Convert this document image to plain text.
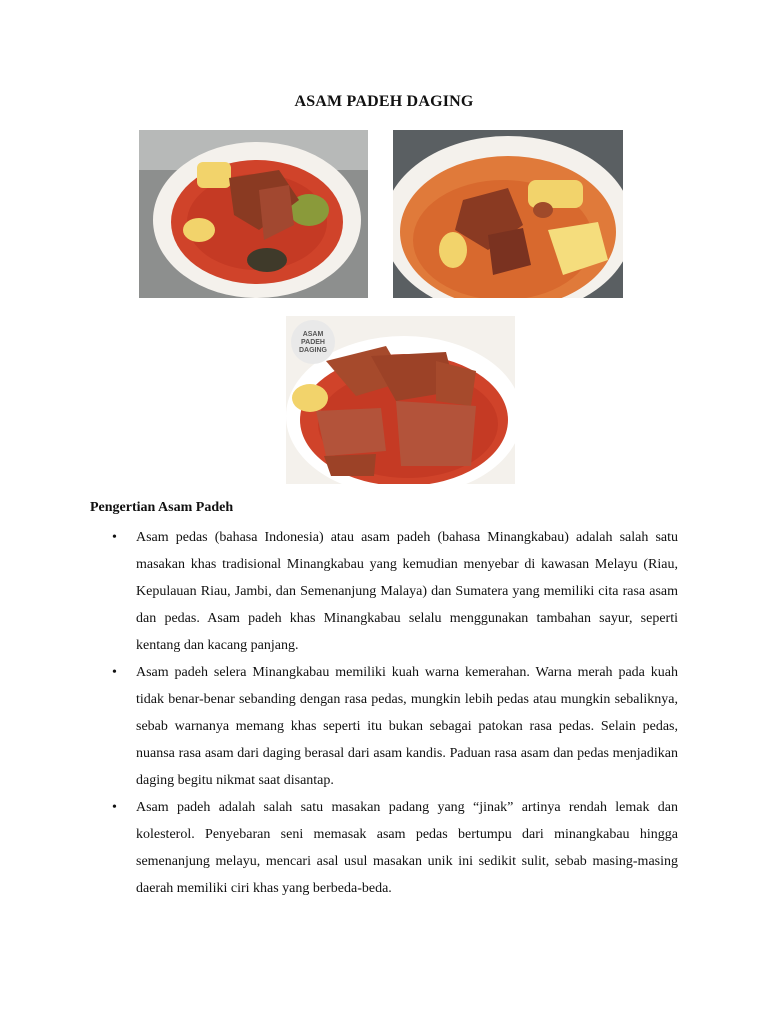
ASAM PADEH DAGING
ASAM
PADEH
DAGING
Pengertian Asam Padeh
• Asam pedas (bahasa Indonesia) atau asam padeh (bahasa Minangkabau) adalah salah satu masakan khas tradisional Minangkabau yang kemudian menyebar di kawasan Melayu (Riau, Kepulauan Riau, Jambi, dan Semenanjung Malaya) dan Sumatera yang memiliki cita rasa asam dan pedas. Asam padeh khas Minangkabau selalu menggunakan tambahan sayur, seperti kentang dan kacang panjang.
• Asam padeh selera Minangkabau memiliki kuah warna kemerahan. Warna merah pada kuah tidak benar-benar sebanding dengan rasa pedas, mungkin lebih pedas atau mungkin sebaliknya, sebab warnanya memang khas seperti itu bukan sebagai patokan rasa pedas. Selain pedas, nuansa rasa asam dari daging berasal dari asam kandis. Paduan rasa asam dan pedas menjadikan daging begitu nikmat saat disantap.
• Asam padeh adalah salah satu masakan padang yang “jinak” artinya rendah lemak dan kolesterol. Penyebaran seni memasak asam pedas bertumpu dari minangkabau hingga semenanjung melayu, mencari asal usul masakan unik ini sedikit sulit, sebab masing-masing daerah memiliki ciri khas yang berbeda-beda.
